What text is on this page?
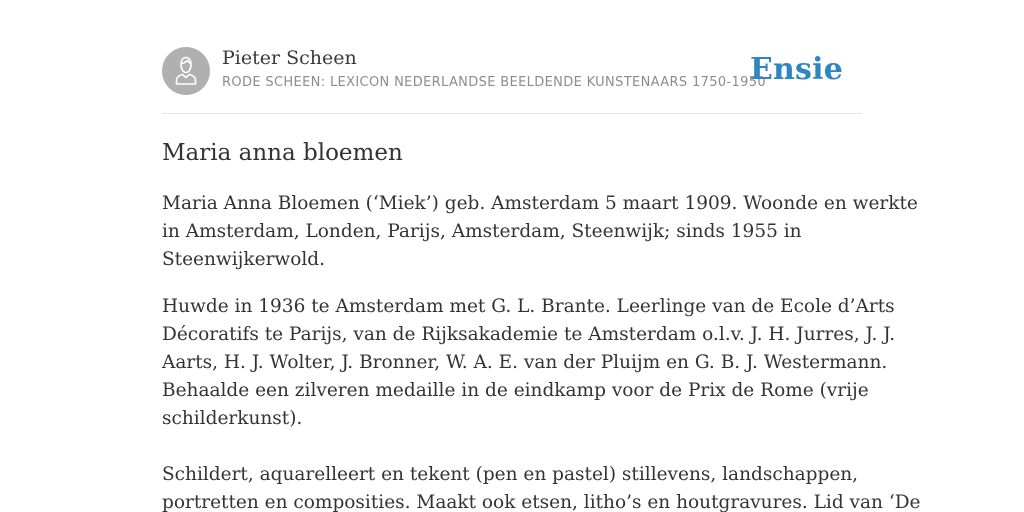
Pieter Scheen
RODE SCHEEN: LEXICON NEDERLANDSE BEELDENDE KUNSTENAARS 1750-1950
Ensie
Maria anna bloemen

Maria Anna Bloemen (‘Miek’) geb. Amsterdam 5 maart 1909. Woonde en werkte
in Amsterdam, Londen, Parijs, Amsterdam, Steenwijk; sinds 1955 in
Steenwijkerwold.

Huwde in 1936 te Amsterdam met G. L. Brante. Leerlinge van de Ecole d’Arts
Décoratifs te Parijs, van de Rijksakademie te Amsterdam o.l.v. J. H. Jurres, J. J.
Aarts, H. J. Wolter, J. Bronner, W. A. E. van der Pluijm en G. B. J. Westermann.
Behaalde een zilveren medaille in de eindkamp voor de Prix de Rome (vrije
schilderkunst).

Schildert, aquarelleert en tekent (pen en pastel) stillevens, landschappen,
portretten en composities. Maakt ook etsen, litho’s en houtgravures. Lid van ‘De
